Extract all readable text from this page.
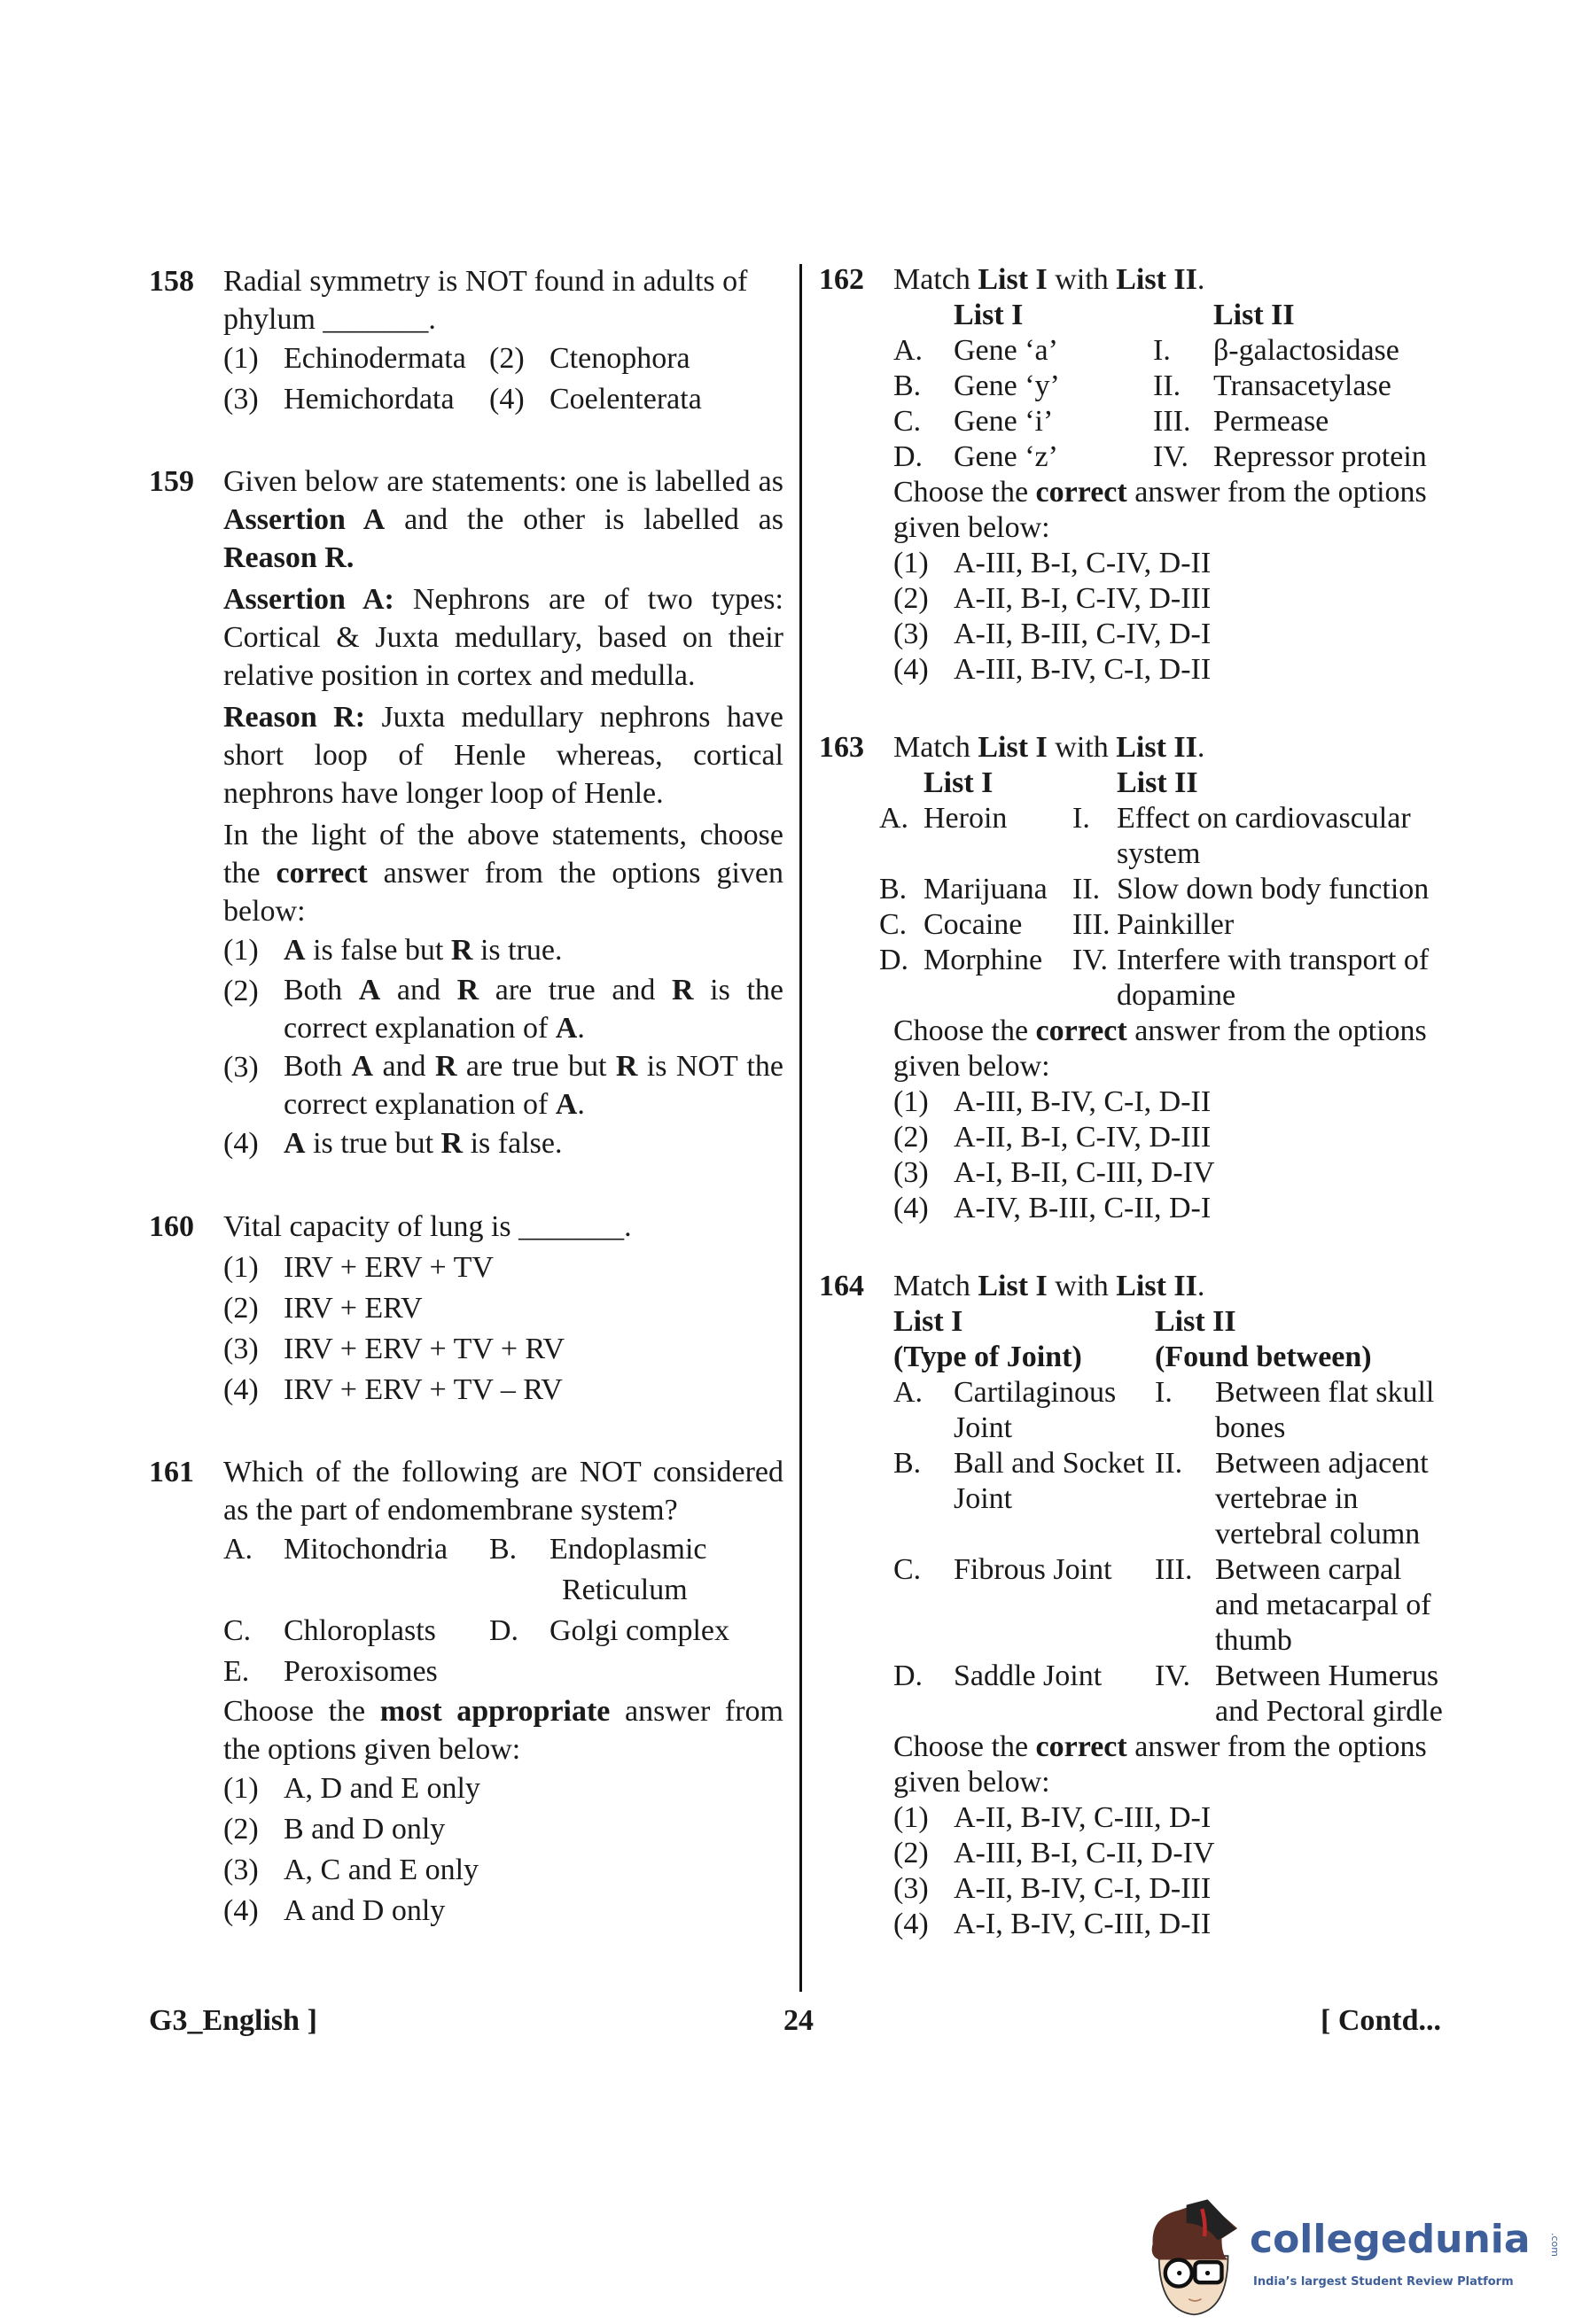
158 Radial symmetry is NOT found in adults of
phylum _______.
(1) Echinodermata (2) Ctenophora
(3) Hemichordata	(4) Coelenterata
159 Given below are statements: one is labelled as Assertion A and the other is labelled as Reason R.
Assertion A: Nephrons are of two types: Cortical & Juxta medullary, based on their relative position in cortex and medulla.
Reason R: Juxta medullary nephrons have short loop of Henle whereas, cortical nephrons have longer loop of Henle.
In the light of the above statements, choose the correct answer from the options given below:
(1) A is false but R is true.
(2) Both A and R are true and R is the correct explanation of A.
(3) Both A and R are true but R is NOT the correct explanation of A.
(4) A is true but R is false.
160 Vital capacity of lung is
_______ .
(1) IRV + ERV + TV
(2) IRV + ERV
(3) IRV + ERV + TV + RV
(4) IRV + ERV + TV – RV
161 Which of the following are NOT considered as the part of endomembrane system?
A.	Mitochondria	B.	Endoplasmic
Reticulum
C.	Chloroplasts	D.	Golgi complex
E.	Peroxisomes
Choose the most appropriate answer from the options given below:
(1) A, D and E only
(2) B and D only
(3) A, C and E only
(4) A and D only
162 Match
List I
with
List II .
	List I		List II
A.	Gene ‘a’	I.	β-galactosidase
B.	Gene ‘y’	II.	Transacetylase
C.	Gene ‘i’	III.	Permease
D.	Gene ‘z’	IV.	Repressor protein
Choose the correct answer from the options given below:
(1) A-III, B-I, C-IV, D-II
(2) A-II, B-I, C-IV, D-III
(3) A-II, B-III, C-IV, D-I
(4) A-III, B-IV, C-I, D-II
163 Match
List I
with
List II .
	List I		List II
A.	Heroin	I.	Effect on cardiovascular system
B.	Marijuana	II.	Slow down body function
C.	Cocaine	III.	Painkiller
D.	Morphine	IV.	Interfere with transport of dopamine
Choose the correct answer from the options given below:
(1) A-III, B-IV, C-I, D-II
(2) A-II, B-I, C-IV, D-III
(3) A-I, B-II, C-III, D-IV
(4) A-IV, B-III, C-II, D-I
164 Match
List I
with
List II .
List I		List II	
(Type of Joint)		(Found between)	
A.	Cartilaginous Joint	I.	Between flat skull bones
B.	Ball and Socket Joint	II.	Between adjacent vertebrae in vertebral column
C.	Fibrous Joint	III.	Between carpal and metacarpal of thumb
D.	Saddle Joint	IV.	Between Humerus and Pectoral girdle
Choose the correct answer from the options given below:
(1) A-II, B-IV, C-III, D-I
(2) A-III, B-I, C-II, D-IV
(3) A-II, B-IV, C-I, D-III
(4) A-I, B-IV, C-III, D-II
G3_English ]	24	[ Contd...
collegedunia .com
India’s largest Student Review Platform
